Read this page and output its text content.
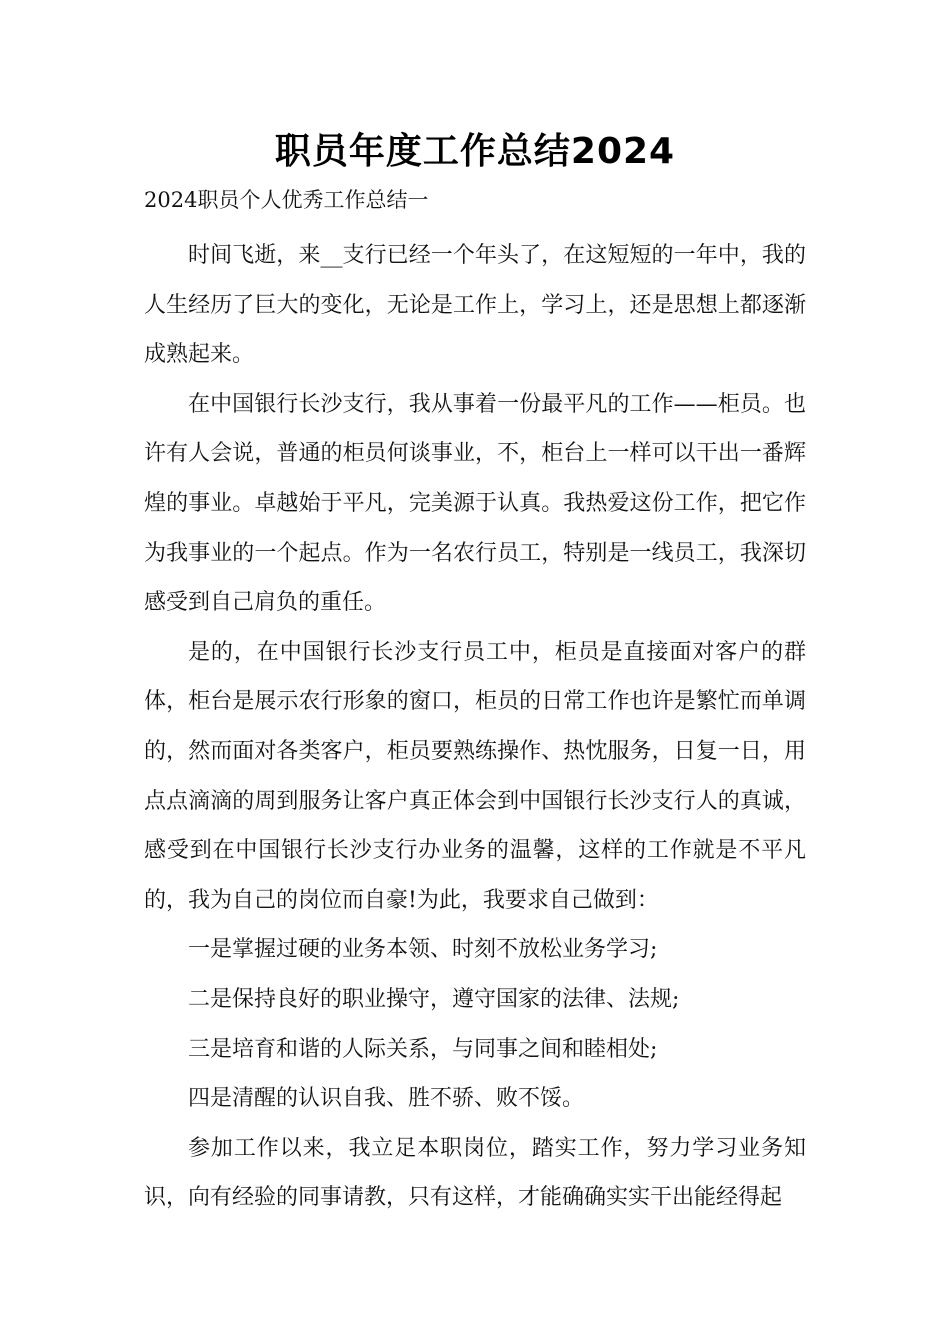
职员年度工作总结2024
2024职员个人优秀工作总结一

时间飞逝，来__支行已经一个年头了，在这短短的一年中，我的人生经历了巨大的变化，无论是工作上，学习上，还是思想上都逐渐成熟起来。

在中国银行长沙支行，我从事着一份最平凡的工作——柜员。也许有人会说，普通的柜员何谈事业，不，柜台上一样可以干出一番辉煌的事业。卓越始于平凡，完美源于认真。我热爱这份工作，把它作为我事业的一个起点。作为一名农行员工，特别是一线员工，我深切感受到自己肩负的重任。

是的，在中国银行长沙支行员工中，柜员是直接面对客户的群体，柜台是展示农行形象的窗口，柜员的日常工作也许是繁忙而单调的，然而面对各类客户，柜员要熟练操作、热忱服务，日复一日，用点点滴滴的周到服务让客户真正体会到中国银行长沙支行人的真诚，感受到在中国银行长沙支行办业务的温馨，这样的工作就是不平凡的，我为自己的岗位而自豪!为此，我要求自己做到：

一是掌握过硬的业务本领、时刻不放松业务学习;

二是保持良好的职业操守，遵守国家的法律、法规;

三是培育和谐的人际关系，与同事之间和睦相处;

四是清醒的认识自我、胜不骄、败不馁。

参加工作以来，我立足本职岗位，踏实工作，努力学习业务知识，向有经验的同事请教，只有这样，才能确确实实干出能经得起
